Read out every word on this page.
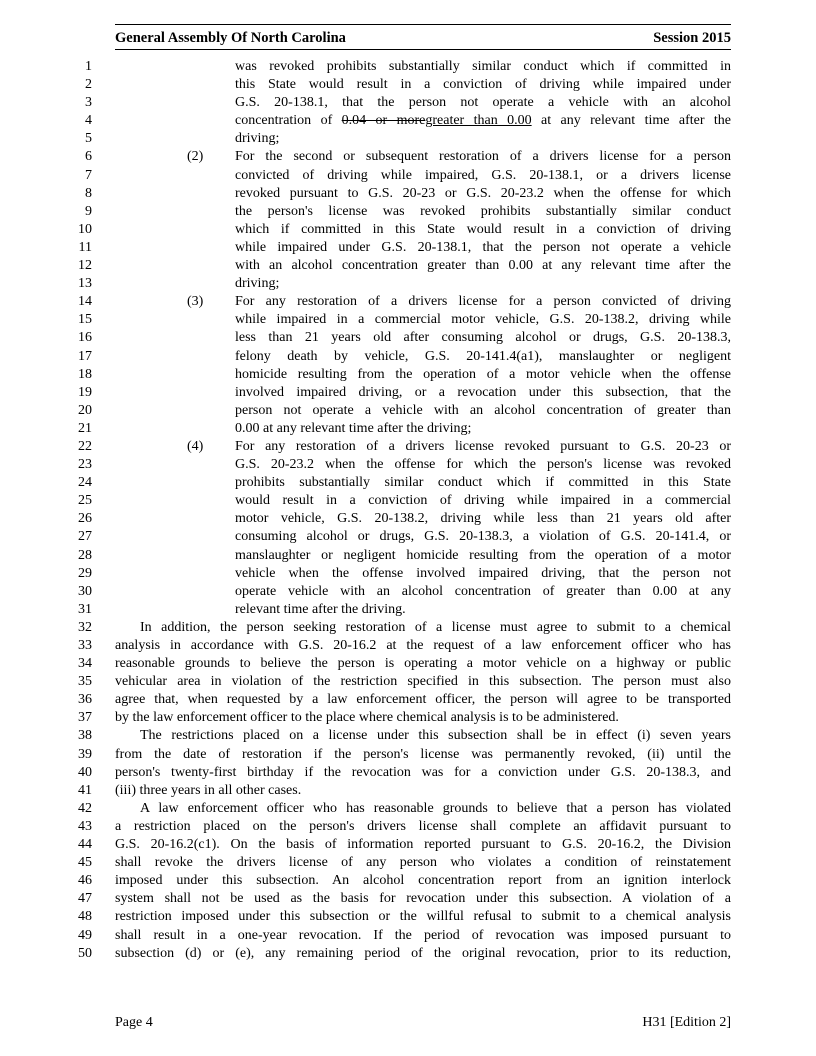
General Assembly Of North Carolina	Session 2015
1
2
3
4
5
6
7
8
9
10
11
12
13
14
15
16
17
18
19
20
21
22
23
24
25
26
27
28
29
30
31
32
33
34
35
36
37
38
39
40
41
42
43
44
45
46
47
48
49
50
was revoked prohibits substantially similar conduct which if committed in
this State would result in a conviction of driving while impaired under
G.S. 20-138.1, that the person not operate a vehicle with an alcohol
concentration of 0.04 or moregreater than 0.00 at any relevant time after the
driving;
(2) For the second or subsequent restoration of a drivers license for a person
convicted of driving while impaired, G.S. 20-138.1, or a drivers license
revoked pursuant to G.S. 20-23 or G.S. 20-23.2 when the offense for which
the person's license was revoked prohibits substantially similar conduct
which if committed in this State would result in a conviction of driving
while impaired under G.S. 20-138.1, that the person not operate a vehicle
with an alcohol concentration greater than 0.00 at any relevant time after the
driving;
(3) For any restoration of a drivers license for a person convicted of driving
while impaired in a commercial motor vehicle, G.S. 20-138.2, driving while
less than 21 years old after consuming alcohol or drugs, G.S. 20-138.3,
felony death by vehicle, G.S. 20-141.4(a1), manslaughter or negligent
homicide resulting from the operation of a motor vehicle when the offense
involved impaired driving, or a revocation under this subsection, that the
person not operate a vehicle with an alcohol concentration of greater than
0.00 at any relevant time after the driving;
(4) For any restoration of a drivers license revoked pursuant to G.S. 20-23 or
G.S. 20-23.2 when the offense for which the person's license was revoked
prohibits substantially similar conduct which if committed in this State
would result in a conviction of driving while impaired in a commercial
motor vehicle, G.S. 20-138.2, driving while less than 21 years old after
consuming alcohol or drugs, G.S. 20-138.3, a violation of G.S. 20-141.4, or
manslaughter or negligent homicide resulting from the operation of a motor
vehicle when the offense involved impaired driving, that the person not
operate vehicle with an alcohol concentration of greater than 0.00 at any
relevant time after the driving.
In addition, the person seeking restoration of a license must agree to submit to a chemical
analysis in accordance with G.S. 20-16.2 at the request of a law enforcement officer who has
reasonable grounds to believe the person is operating a motor vehicle on a highway or public
vehicular area in violation of the restriction specified in this subsection. The person must also
agree that, when requested by a law enforcement officer, the person will agree to be transported
by the law enforcement officer to the place where chemical analysis is to be administered.
The restrictions placed on a license under this subsection shall be in effect (i) seven years
from the date of restoration if the person's license was permanently revoked, (ii) until the
person's twenty-first birthday if the revocation was for a conviction under G.S. 20-138.3, and
(iii) three years in all other cases.
A law enforcement officer who has reasonable grounds to believe that a person has violated
a restriction placed on the person's drivers license shall complete an affidavit pursuant to
G.S. 20-16.2(c1). On the basis of information reported pursuant to G.S. 20-16.2, the Division
shall revoke the drivers license of any person who violates a condition of reinstatement
imposed under this subsection. An alcohol concentration report from an ignition interlock
system shall not be used as the basis for revocation under this subsection. A violation of a
restriction imposed under this subsection or the willful refusal to submit to a chemical analysis
shall result in a one-year revocation. If the period of revocation was imposed pursuant to
subsection (d) or (e), any remaining period of the original revocation, prior to its reduction,
Page 4	H31 [Edition 2]
